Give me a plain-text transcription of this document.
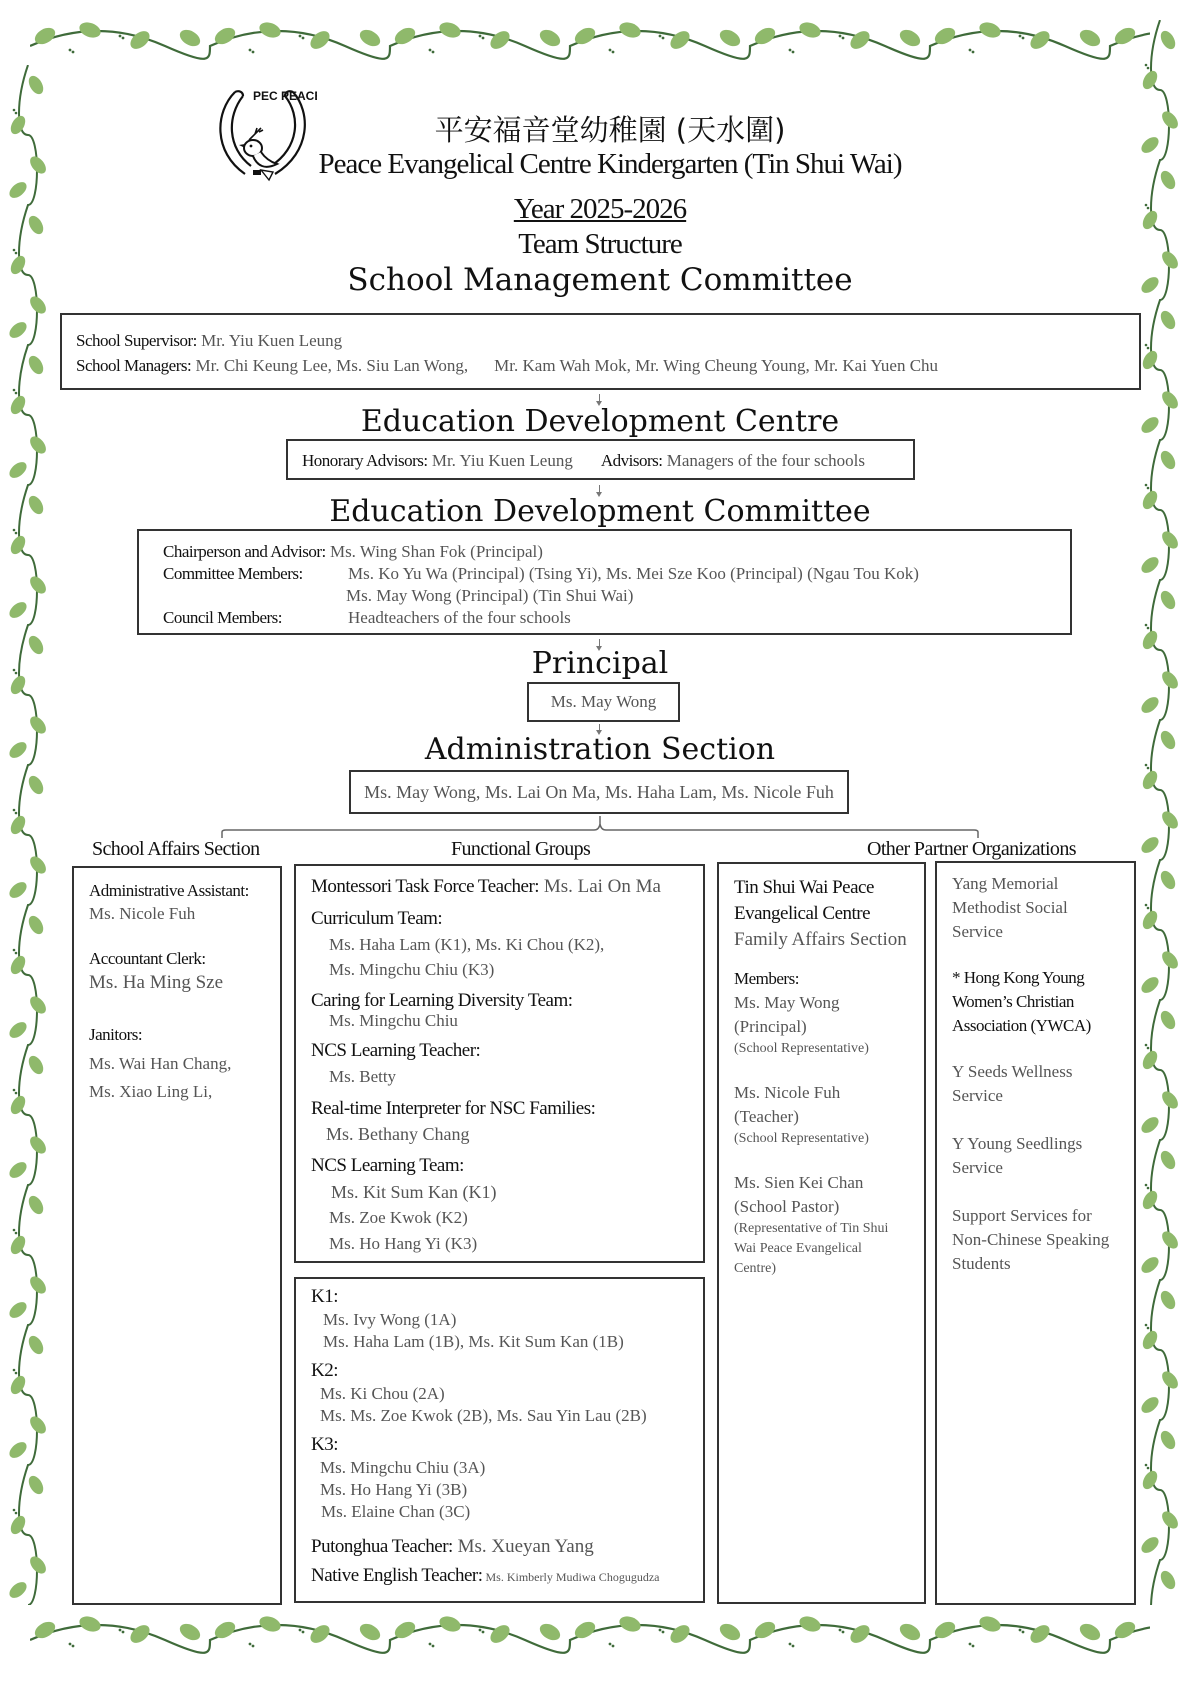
PEC PEACE
平安福音堂幼稚園 (天水圍)
Peace Evangelical Centre Kindergarten (Tin Shui Wai)
Year 2025-2026
Team Structure
School Management Committee
School Supervisor: Mr. Yiu Kuen Leung
School Managers: Mr. Chi Keung Lee, Ms. Siu Lan Wong, Mr. Kam Wah Mok, Mr. Wing Cheung Young, Mr. Kai Yuen Chu
Education Development Centre
Honorary Advisors: Mr. Yiu Kuen Leung Advisors: Managers of the four schools
Education Development Committee
Chairperson and Advisor: Ms. Wing Shan Fok (Principal)
Committee Members:	Ms. Ko Yu Wa (Principal) (Tsing Yi), Ms. Mei Sze Koo (Principal) (Ngau Tou Kok)
Ms. May Wong (Principal) (Tin Shui Wai)
Council Members:	Headteachers of the four schools
Principal
Ms. May Wong
Administration Section
Ms. May Wong, Ms. Lai On Ma, Ms. Haha Lam, Ms. Nicole Fuh
School Affairs Section	Functional Groups	Other Partner Organizations
Administrative Assistant:
Ms. Nicole Fuh
Accountant Clerk:
Ms. Ha Ming Sze
Janitors:
Ms. Wai Han Chang,
Ms. Xiao Ling Li,
Montessori Task Force Teacher: Ms. Lai On Ma
Curriculum Team:
Ms. Haha Lam (K1), Ms. Ki Chou (K2),
Ms. Mingchu Chiu (K3)
Caring for Learning Diversity Team:
Ms. Mingchu Chiu
NCS Learning Teacher:
Ms. Betty
Real-time Interpreter for NSC Families:
Ms. Bethany Chang
NCS Learning Team:
Ms. Kit Sum Kan (K1)
Ms. Zoe Kwok (K2)
Ms. Ho Hang Yi (K3)
K1:
Ms. Ivy Wong (1A)
Ms. Haha Lam (1B), Ms. Kit Sum Kan (1B)
K2:
Ms. Ki Chou (2A)
Ms. Ms. Zoe Kwok (2B), Ms. Sau Yin Lau (2B)
K3:
Ms. Mingchu Chiu (3A)
Ms. Ho Hang Yi (3B)
Ms. Elaine Chan (3C)
Putonghua Teacher: Ms. Xueyan Yang
Native English Teacher: Ms. Kimberly Mudiwa Chogugudza
Tin Shui Wai Peace
Evangelical Centre
Family Affairs Section
Members:
Ms. May Wong
(Principal)
(School Representative)
Ms. Nicole Fuh
(Teacher)
(School Representative)
Ms. Sien Kei Chan
(School Pastor)
(Representative of Tin Shui
Wai Peace Evangelical
Centre)
Yang Memorial
Methodist Social
Service
* Hong Kong Young
Women’s Christian
Association (YWCA)
Y Seeds Wellness
Service
Y Young Seedlings
Service
Support Services for
Non-Chinese Speaking
Students
